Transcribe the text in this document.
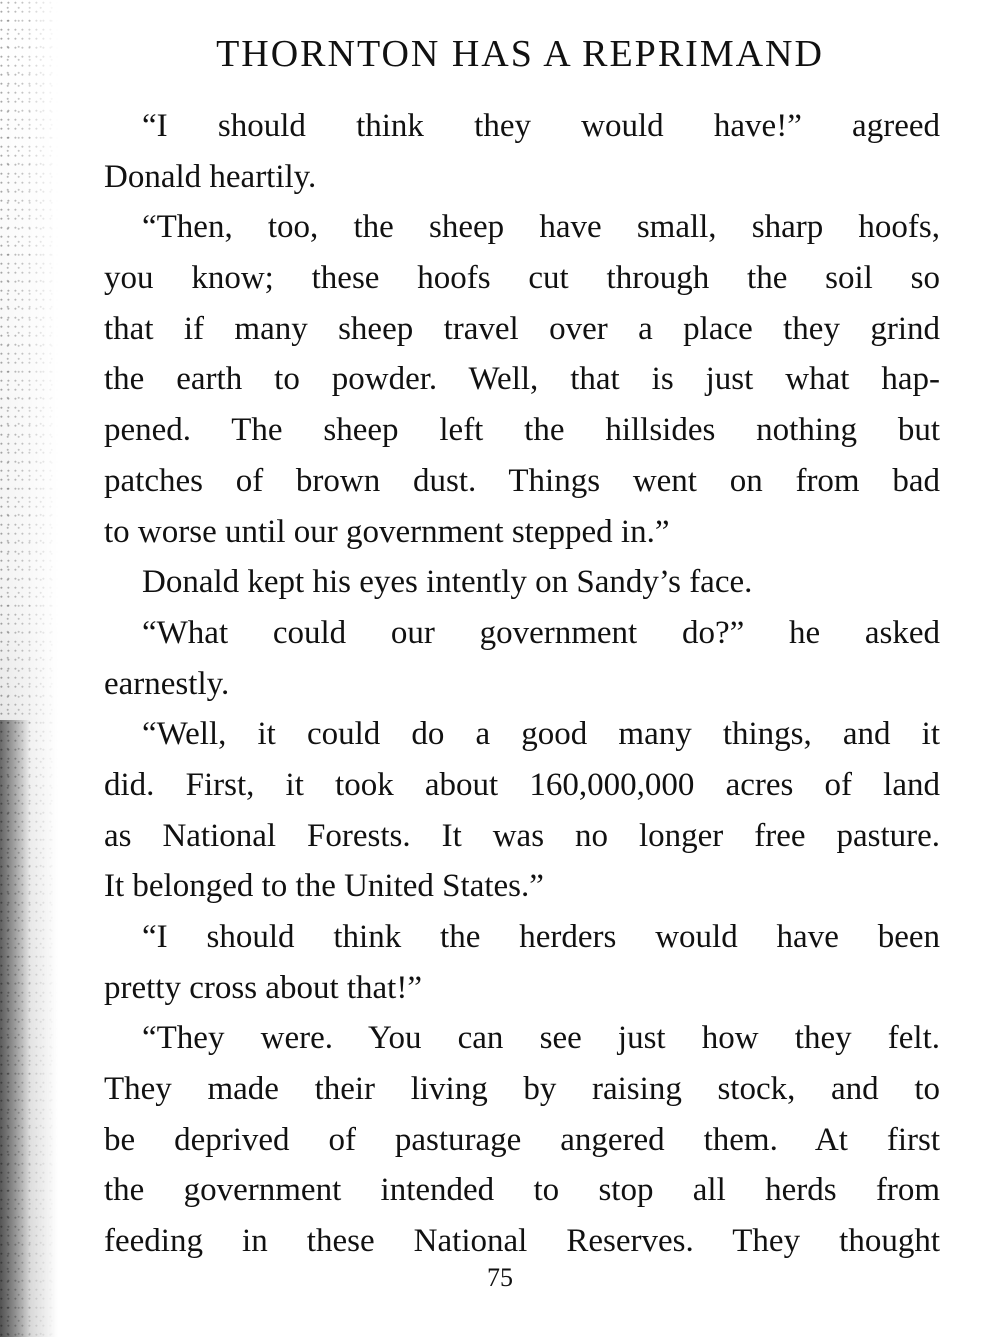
THORNTON HAS A REPRIMAND
“I should think they would have!” agreed
Donald heartily.
“Then, too, the sheep have small, sharp hoofs,
you know; these hoofs cut through the soil so
that if many sheep travel over a place they grind
the earth to powder. Well, that is just what hap-
pened. The sheep left the hillsides nothing but
patches of brown dust. Things went on from bad
to worse until our government stepped in.”
Donald kept his eyes intently on Sandy’s face.
“What could our government do?” he asked
earnestly.
“Well, it could do a good many things, and it
did. First, it took about 160,000,000 acres of land
as National Forests. It was no longer free pasture.
It belonged to the United States.”
“I should think the herders would have been
pretty cross about that!”
“They were. You can see just how they felt.
They made their living by raising stock, and to
be deprived of pasturage angered them. At first
the government intended to stop all herds from
feeding in these National Reserves. They thought
75
